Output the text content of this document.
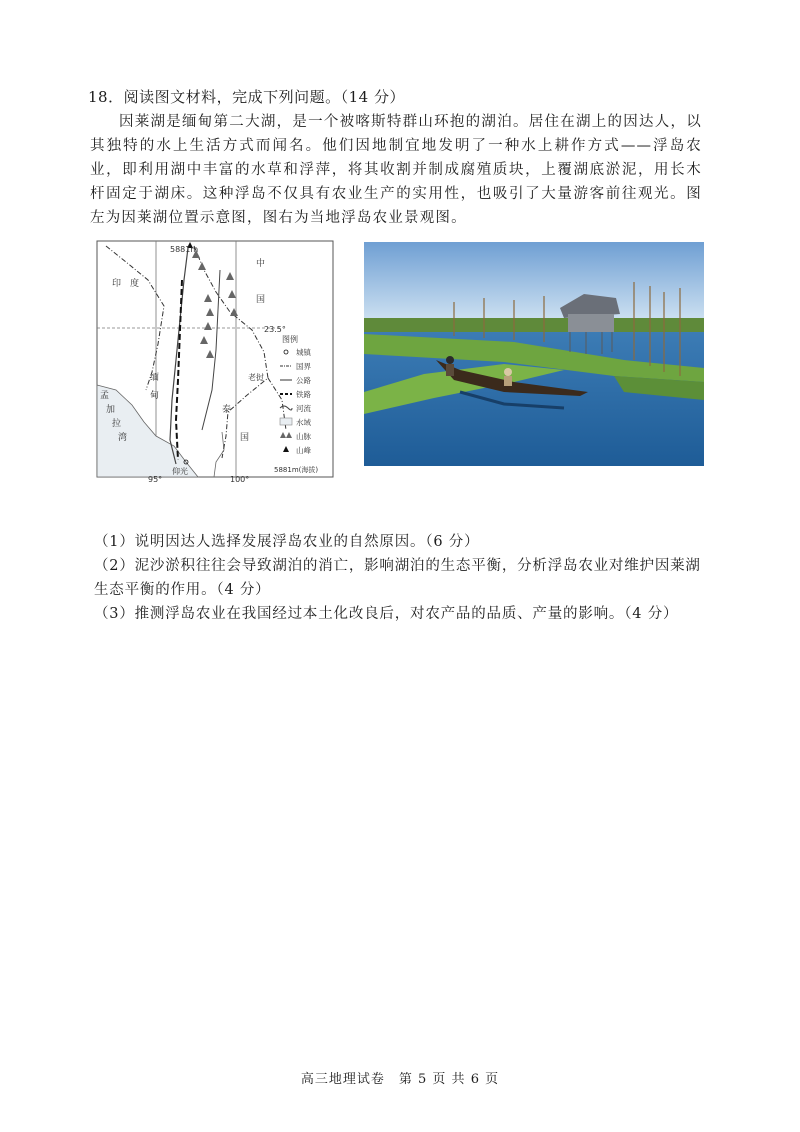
18．阅读图文材料，完成下列问题。（14 分）
因莱湖是缅甸第二大湖，是一个被喀斯特群山环抱的湖泊。居住在湖上的因达人，以其独特的水上生活方式而闻名。他们因地制宜地发明了一种水上耕作方式——浮岛农业，即利用湖中丰富的水草和浮萍，将其收割并制成腐殖质块，上覆湖底淤泥，用长木杆固定于湖床。这种浮岛不仅具有农业生产的实用性，也吸引了大量游客前往观光。图左为因莱湖位置示意图，图右为当地浮岛农业景观图。
5881m
23.5°
95°	100°
印 度
中
国
孟
加
拉
湾
缅
甸
泰
国
老挝
仰光
图例
城镇
国界
公路
铁路
河流
水域
山脉
山峰
5881m(海拔)
（1）说明因达人选择发展浮岛农业的自然原因。（6 分）
（2）泥沙淤积往往会导致湖泊的消亡，影响湖泊的生态平衡，分析浮岛农业对维护因莱湖生态平衡的作用。（4 分）
（3）推测浮岛农业在我国经过本土化改良后，对农产品的品质、产量的影响。（4 分）
高三地理试卷　第 5 页 共 6 页
